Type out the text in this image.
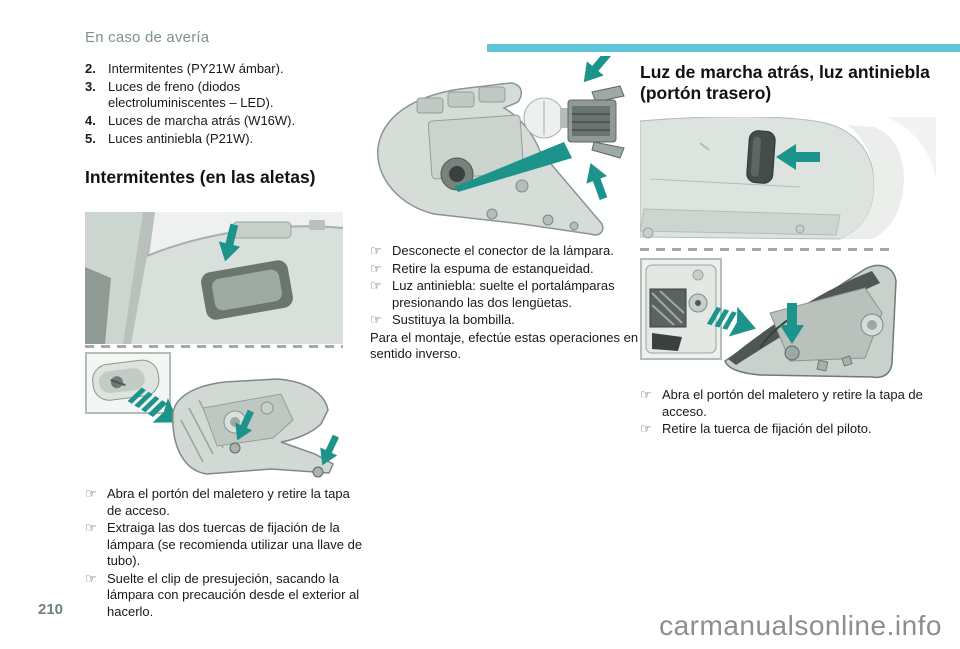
En caso de avería
2. Intermitentes (PY21W ámbar).
3. Luces de freno (diodos electroluminiscentes – LED).
4. Luces de marcha atrás (W16W).
5. Luces antiniebla (P21W).
Intermitentes (en las aletas)
☞ Abra el portón del maletero y retire la tapa de acceso.
☞ Extraiga las dos tuercas de fijación de la lámpara (se recomienda utilizar una llave de tubo).
☞ Suelte el clip de presujeción, sacando la lámpara con precaución desde el exterior al hacerlo.
☞ Desconecte el conector de la lámpara.
☞ Retire la espuma de estanqueidad.
☞ Luz antiniebla: suelte el portalámparas presionando las dos lengüetas.
☞ Sustituya la bombilla.
Para el montaje, efectúe estas operaciones en sentido inverso.
Luz de marcha atrás, luz antiniebla (portón trasero)
☞ Abra el portón del maletero y retire la tapa de acceso.
☞ Retire la tuerca de fijación del piloto.
210
carmanualsonline.info
